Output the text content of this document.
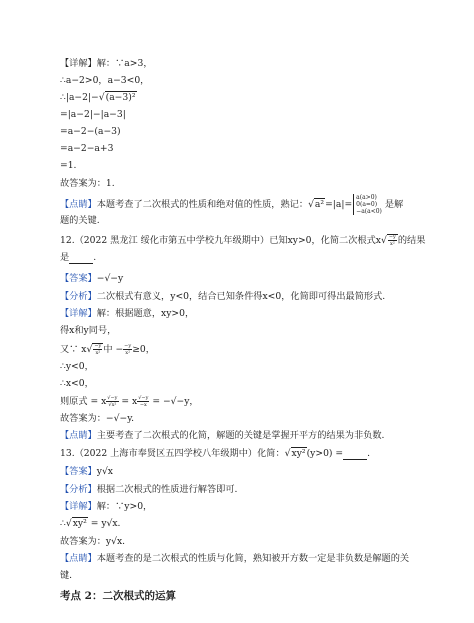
【详解】解：∵a>3，
∴a−2>0，a−3<0，
∴|a−2|−√(a−3)²
=|a−2|−|a−3|
=a−2−(a−3)
=a−2−a+3
=1.
故答案为：1.
【点睛】本题考查了二次根式的性质和绝对值的性质，熟记：√a²=|a|=
a(a>0)
0(a=0)
−a(a<0)
是解
题的关键.
12.（2022 黑龙江 绥化市第五中学校九年级期中）已知xy>0，化简二次根式$x√ \frac{-y}{\text{x²}}$ 的结果
是	.
【答案】−√−y
【分析】二次根式有意义，y<0，结合已知条件得x<0，化简即可得出最简形式.
【详解】解：根据题意，xy>0，
得x和y同号，
又∵ $x√ \frac{-y}{\text{x²}}$ 中 − $\frac{-y}{\text{x²}} \ge 0$，
∴y<0，
∴x<0，
则原式 = x $\frac{√-y}{\text{√x²}} = x \frac{√-y}{-x} = -√-y$，
故答案为：−√−y.
【点睛】主要考查了二次根式的化简，解题的关键是掌握开平方的结果为非负数.
13.（2022 上海市奉贤区五四学校八年级期中）化简：√xy²(y>0) =	.
【答案】y√x
【分析】根据二次根式的性质进行解答即可.
【详解】解：∵y>0，
∴√xy² = y√x.
故答案为：y√x.
【点睛】本题考查的是二次根式的性质与化简，熟知被开方数一定是非负数是解题的关
键.
考点 2：二次根式的运算
